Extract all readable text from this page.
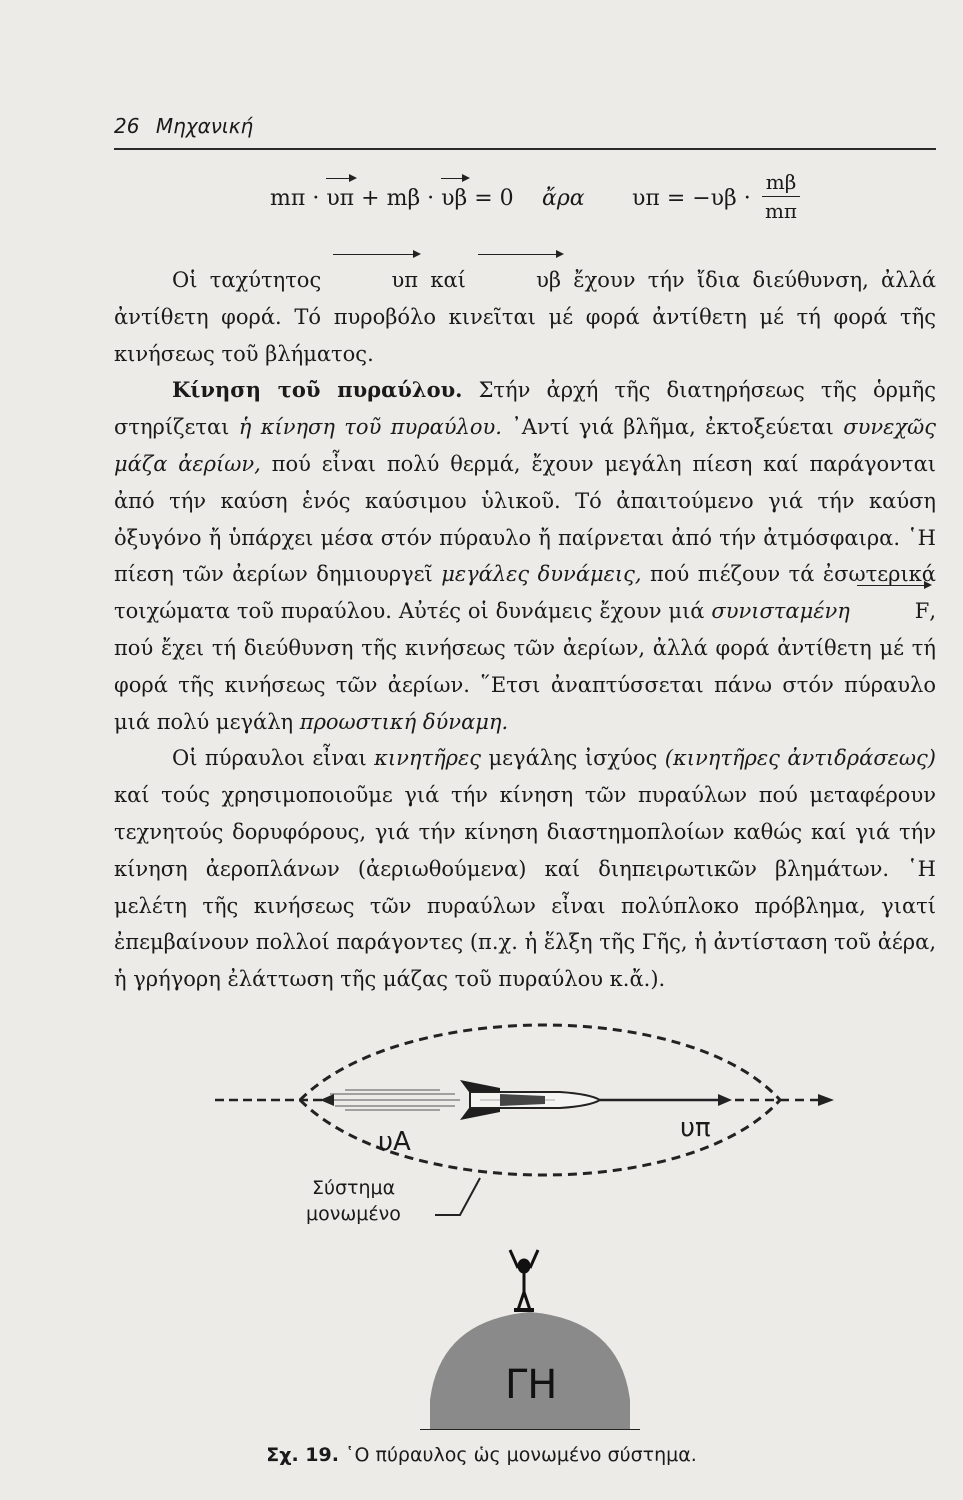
26 Μηχανική
mπ · υπ + mβ · υβ = 0 ἄρα υπ = −υβ ·
mβ
mπ

Οἱ ταχύτητος	υπ καί	υβ ἔχουν τήν ἴδια διεύθυνση, ἀλλά ἀντίθετη φορά. Τό πυροβόλο κινεῖται μέ φορά ἀντίθετη μέ τή φορά τῆς κινήσεως τοῦ βλήματος.

Κίνηση τοῦ πυραύλου. Στήν ἀρχή τῆς διατηρήσεως τῆς ὁρμῆς στηρίζεται ἡ κίνηση τοῦ πυραύλου. ᾿Αντί γιά βλῆμα, ἐκτοξεύεται συνεχῶς μάζα ἀερίων, πού εἶναι πολύ θερμά, ἔχουν μεγάλη πίεση καί παράγονται ἀπό τήν καύση ἑνός καύσιμου ὑλικοῦ. Τό ἀπαιτούμενο γιά τήν καύση ὀξυγόνο ἤ ὑπάρχει μέσα στόν πύραυλο ἤ παίρνεται ἀπό τήν ἀτμόσφαιρα. ῾Η πίεση τῶν ἀερίων δημιουργεῖ μεγάλες δυνάμεις, πού πιέζουν τά ἐσωτερικά τοιχώματα τοῦ πυραύλου. Αὐτές οἱ δυνάμεις ἔχουν μιά συνισταμένη	F, πού ἔχει τή διεύθυνση τῆς κινήσεως τῶν ἀερίων, ἀλλά φορά ἀντίθετη μέ τή φορά τῆς κινήσεως τῶν ἀερίων. ῞Ετσι ἀναπτύσσεται πάνω στόν πύραυλο μιά πολύ μεγάλη προωστική δύναμη.

Οἱ πύραυλοι εἶναι κινητῆρες μεγάλης ἰσχύος (κινητῆρες ἀντιδράσεως) καί τούς χρησιμοποιοῦμε γιά τήν κίνηση τῶν πυραύλων πού μεταφέρουν τεχνητούς δορυφόρους, γιά τήν κίνηση διαστημοπλοίων καθώς καί γιά τήν κίνηση ἀεροπλάνων (ἀεριωθούμενα) καί διηπειρωτικῶν βλημάτων. ῾Η μελέτη τῆς κινήσεως τῶν πυραύλων εἶναι πολύπλοκο πρόβλημα, γιατί ἐπεμβαίνουν πολλοί παράγοντες (π.χ. ἡ ἕλξη τῆς Γῆς, ἡ ἀντίσταση τοῦ ἀέρα, ἡ γρήγορη ἐλάττωση τῆς μάζας τοῦ πυραύλου κ.ἄ.).

υA	υπ
Σύστημα
μονωμένο
ΓΗ
Σχ. 19. ῾Ο πύραυλος ὡς μονωμένο σύστημα.
